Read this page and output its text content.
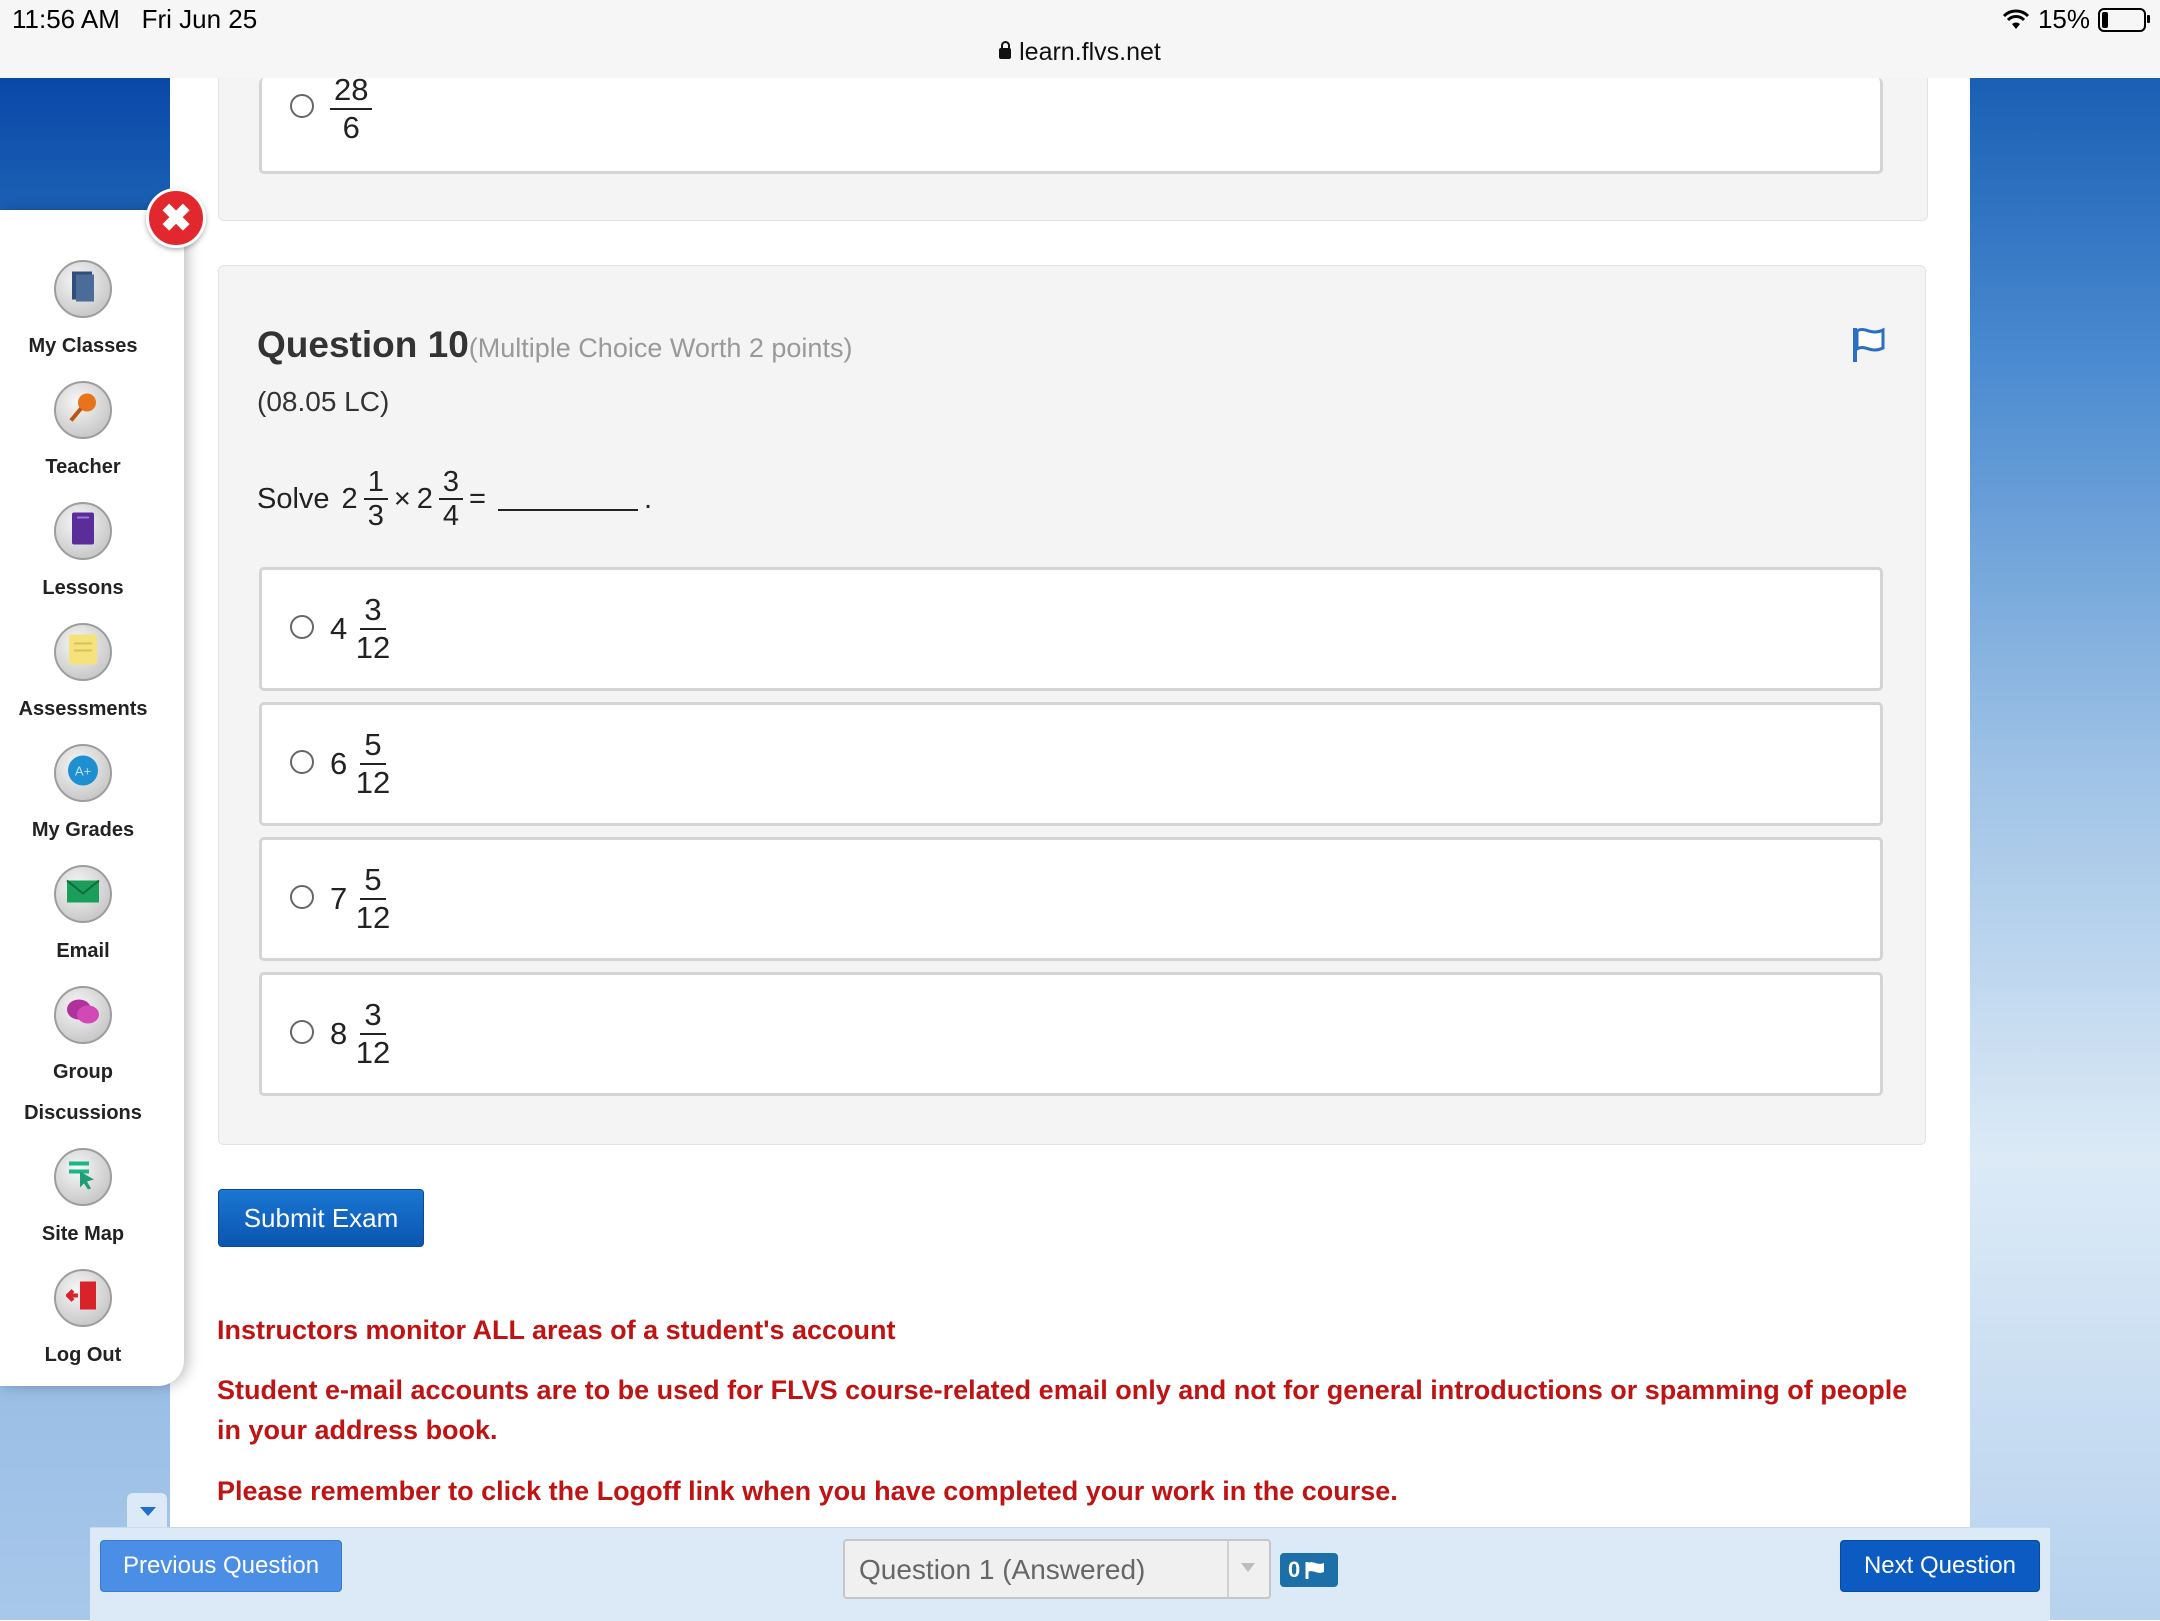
11:56 AM Fri Jun 25	15%
learn.flvs.net
$\frac{28}{6}$
Question 10(Multiple Choice Worth 2 points)
(08.05 LC)
Solve $2 \frac{1}{3} \times 2 \frac{3}{4}$ =	.
$4 \frac{3}{12}$
$6 \frac{5}{12}$
$7 \frac{5}{12}$
$8 \frac{3}{12}$
Submit Exam
Instructors monitor ALL areas of a student's account
Student e-mail accounts are to be used for FLVS course-related email only and not for general introductions or spamming of people in your address book.
Please remember to click the Logoff link when you have completed your work in the course.
My Classes
Teacher
Lessons
Assessments
A+
My Grades
Email
Group Discussions
Site Map
Log Out
✖
Previous Question	Question 1 (Answered)	0	Next Question
